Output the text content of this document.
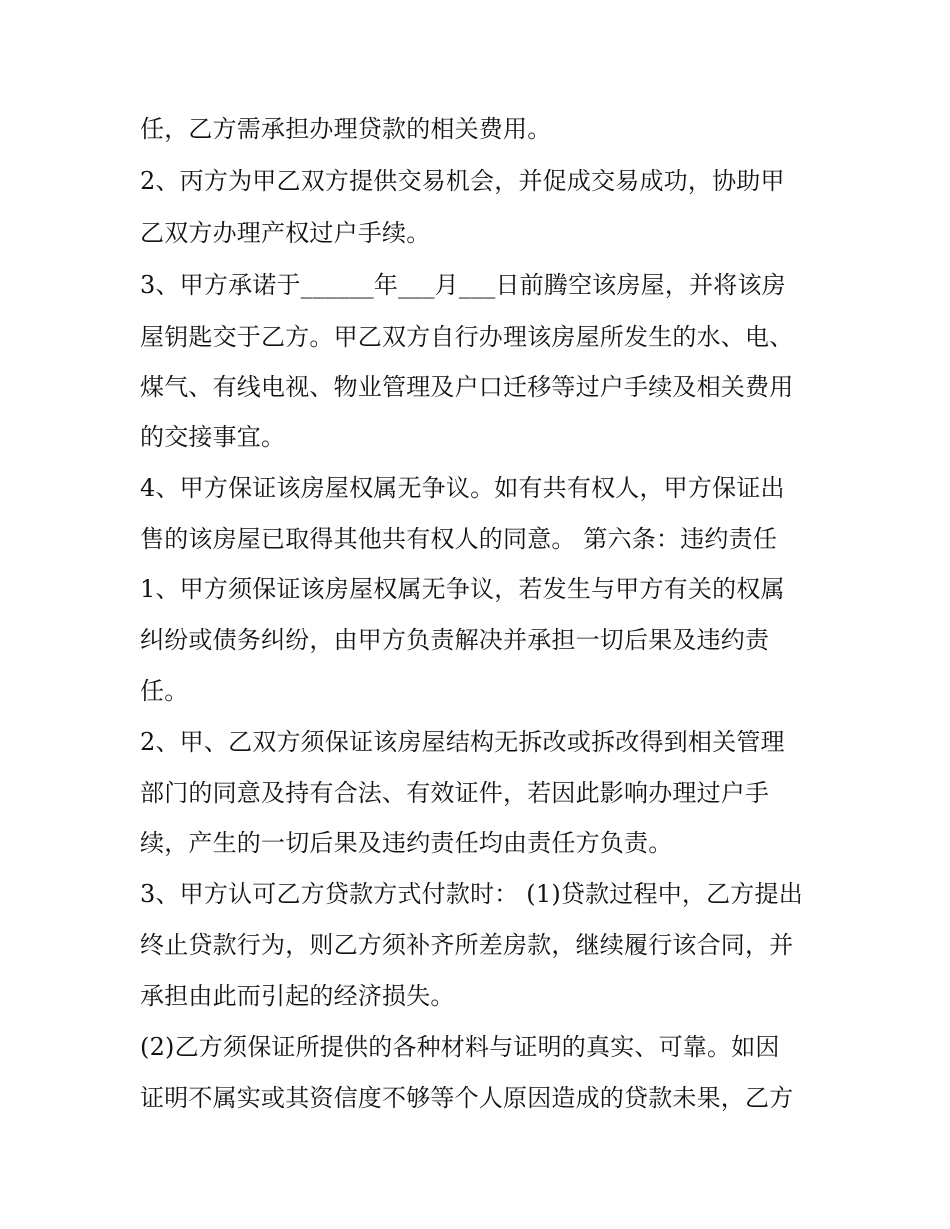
任，乙方需承担办理贷款的相关费用。
2、丙方为甲乙双方提供交易机会，并促成交易成功，协助甲
乙双方办理产权过户手续。
3、甲方承诺于______年___月___日前腾空该房屋，并将该房
屋钥匙交于乙方。甲乙双方自行办理该房屋所发生的水、电、
煤气、有线电视、物业管理及户口迁移等过户手续及相关费用
的交接事宜。
4、甲方保证该房屋权属无争议。如有共有权人，甲方保证出
售的该房屋已取得其他共有权人的同意。 第六条：违约责任
1、甲方须保证该房屋权属无争议，若发生与甲方有关的权属
纠纷或债务纠纷，由甲方负责解决并承担一切后果及违约责
任。
2、甲、乙双方须保证该房屋结构无拆改或拆改得到相关管理
部门的同意及持有合法、有效证件，若因此影响办理过户手
续，产生的一切后果及违约责任均由责任方负责。
3、甲方认可乙方贷款方式付款时： (1)贷款过程中，乙方提出
终止贷款行为，则乙方须补齐所差房款，继续履行该合同，并
承担由此而引起的经济损失。
(2)乙方须保证所提供的各种材料与证明的真实、可靠。如因
证明不属实或其资信度不够等个人原因造成的贷款未果，乙方
